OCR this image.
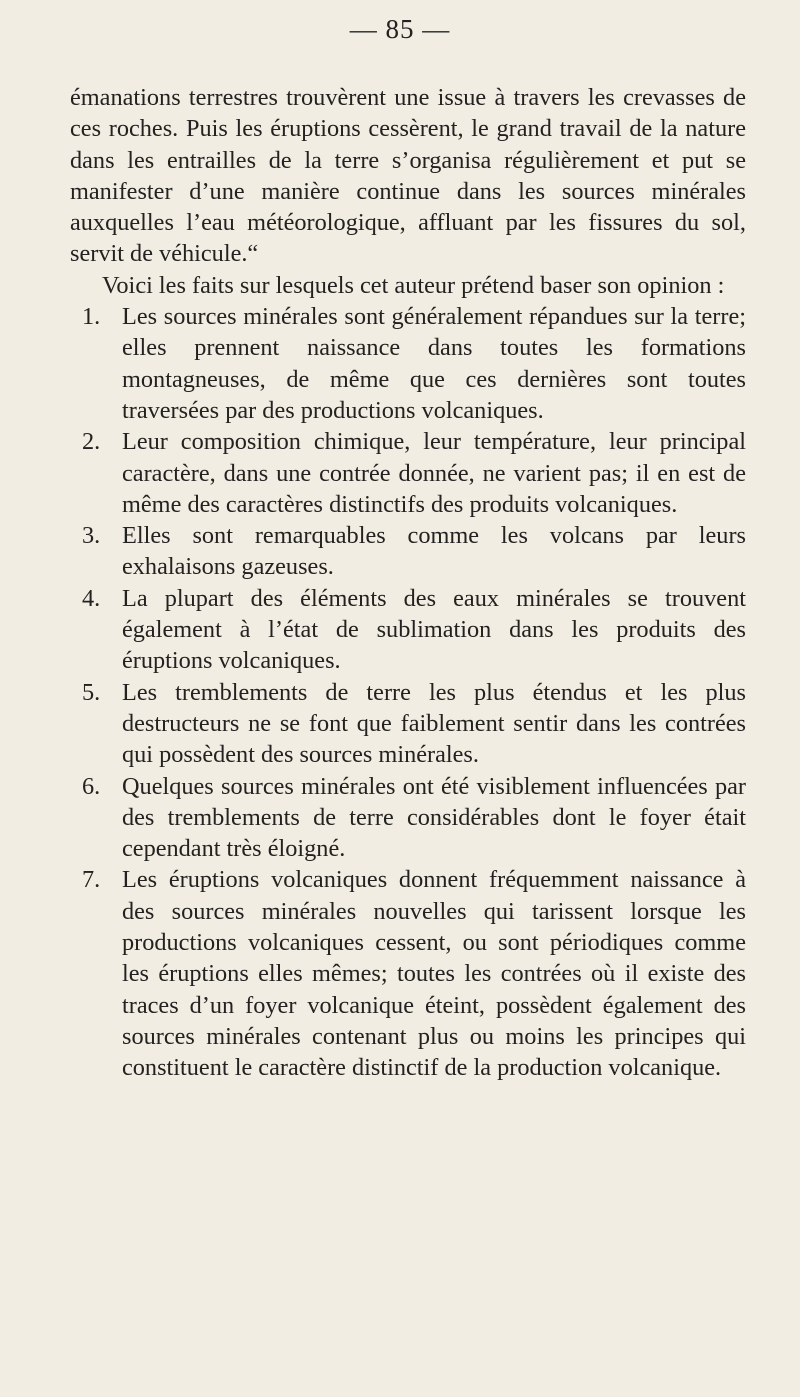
— 85 —

émanations terrestres trouvèrent une issue à travers les crevasses de ces roches. Puis les éruptions cessèrent, le grand travail de la nature dans les entrailles de la terre s’organisa régulièrement et put se manifester d’une manière continue dans les sources minérales auxquelles l’eau météorologique, affluant par les fissures du sol, servit de véhicule.“

Voici les faits sur lesquels cet auteur prétend baser son opinion :

1. Les sources minérales sont généralement répandues sur la terre; elles prennent naissance dans toutes les formations montagneuses, de même que ces dernières sont toutes traversées par des productions volcaniques.
2. Leur composition chimique, leur température, leur principal caractère, dans une contrée donnée, ne varient pas; il en est de même des caractères distinctifs des produits volcaniques.
3. Elles sont remarquables comme les volcans par leurs exhalaisons gazeuses.
4. La plupart des éléments des eaux minérales se trouvent également à l’état de sublimation dans les produits des éruptions volcaniques.
5. Les tremblements de terre les plus étendus et les plus destructeurs ne se font que faiblement sentir dans les contrées qui possèdent des sources minérales.
6. Quelques sources minérales ont été visiblement influencées par des tremblements de terre considérables dont le foyer était cependant très éloigné.
7. Les éruptions volcaniques donnent fréquemment naissance à des sources minérales nouvelles qui tarissent lorsque les productions volcaniques cessent, ou sont périodiques comme les éruptions elles mêmes; toutes les contrées où il existe des traces d’un foyer volcanique éteint, possèdent également des sources minérales contenant plus ou moins les principes qui constituent le caractère distinctif de la production volcanique.
